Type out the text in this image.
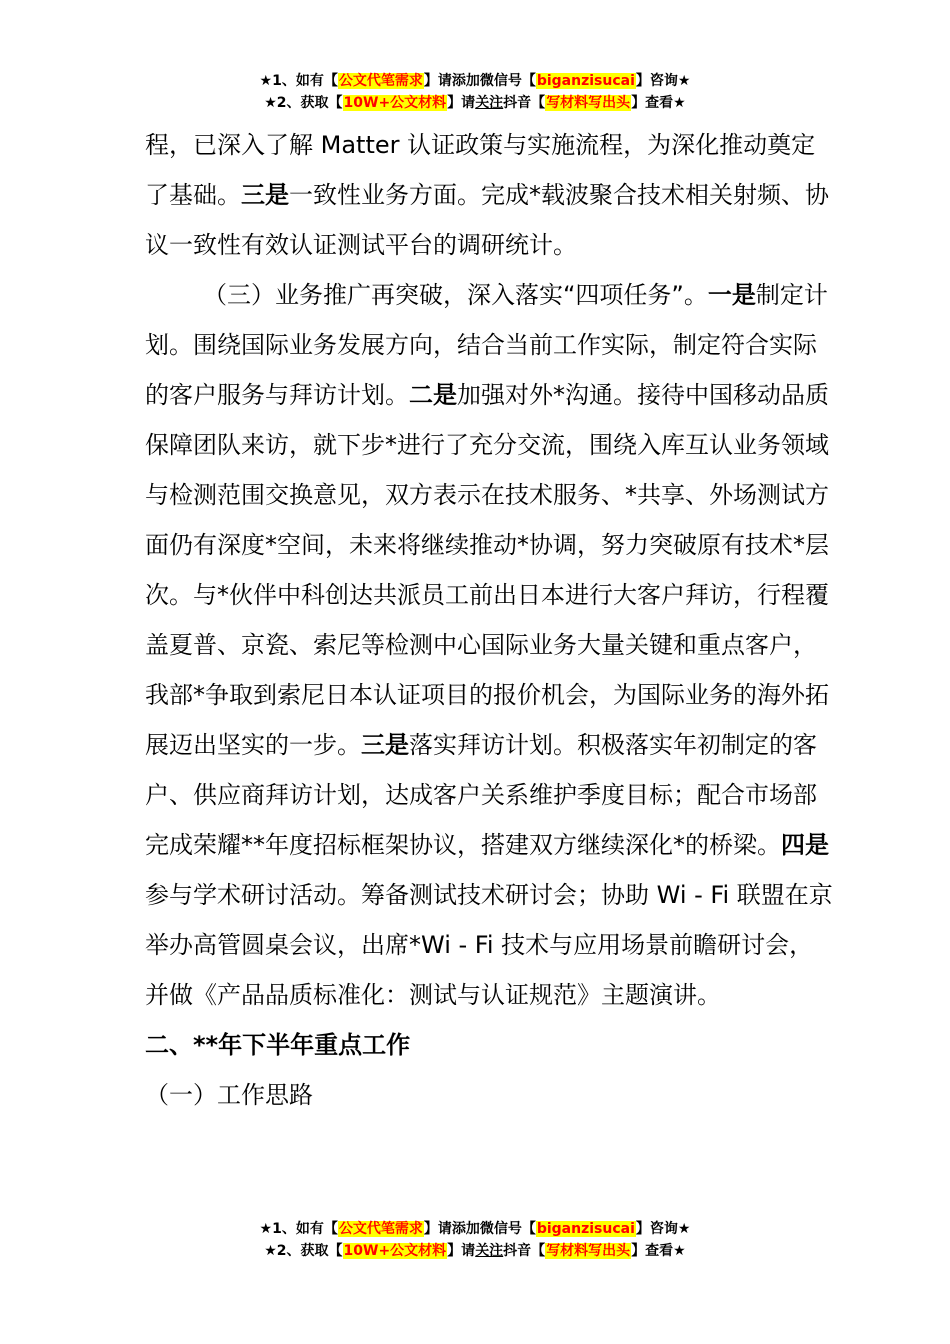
★1、如有【公文代笔需求】请添加微信号【biganzisucai】咨询★
★2、获取【10W+公文材料】请关注抖音【写材料写出头】查看★

程，已深入了解 Matter 认证政策与实施流程，为深化推动奠定了基础。三是一致性业务方面。完成*载波聚合技术相关射频、协议一致性有效认证测试平台的调研统计。

（三）业务推广再突破，深入落实“四项任务”。一是制定计划。围绕国际业务发展方向，结合当前工作实际，制定符合实际的客户服务与拜访计划。二是加强对外*沟通。接待中国移动品质保障团队来访，就下步*进行了充分交流，围绕入库互认业务领域与检测范围交换意见，双方表示在技术服务、*共享、外场测试方面仍有深度*空间，未来将继续推动*协调，努力突破原有技术*层次。与*伙伴中科创达共派员工前出日本进行大客户拜访，行程覆盖夏普、京瓷、索尼等检测中心国际业务大量关键和重点客户，我部*争取到索尼日本认证项目的报价机会，为国际业务的海外拓展迈出坚实的一步。三是落实拜访计划。积极落实年初制定的客户、供应商拜访计划，达成客户关系维护季度目标；配合市场部完成荣耀**年度招标框架协议，搭建双方继续深化*的桥梁。四是参与学术研讨活动。筹备测试技术研讨会；协助 Wi - Fi 联盟在京举办高管圆桌会议，出席*Wi - Fi 技术与应用场景前瞻研讨会，并做《产品品质标准化：测试与认证规范》主题演讲。

二、**年下半年重点工作

（一）工作思路

★1、如有【公文代笔需求】请添加微信号【biganzisucai】咨询★
★2、获取【10W+公文材料】请关注抖音【写材料写出头】查看★
